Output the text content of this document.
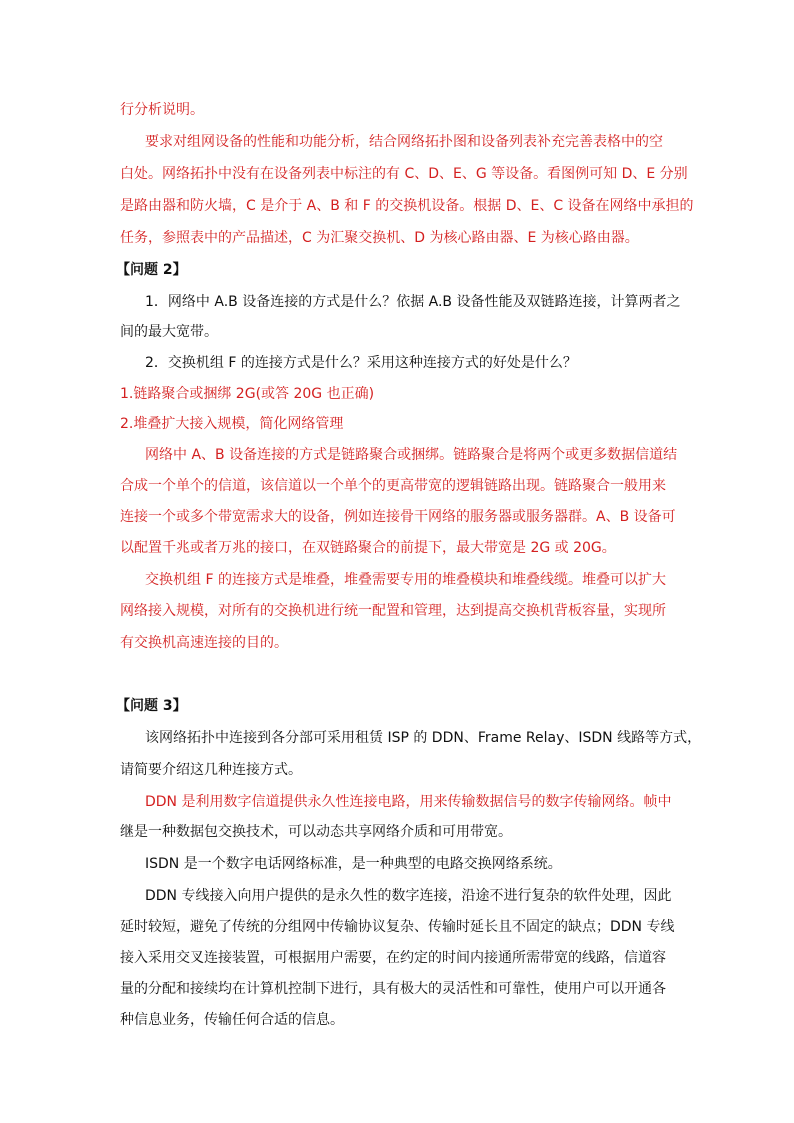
行分析说明。
要求对组网设备的性能和功能分析，结合网络拓扑图和设备列表补充完善表格中的空
白处。网络拓扑中没有在设备列表中标注的有 C、D、E、G 等设备。看图例可知 D、E 分别
是路由器和防火墙，C 是介于 A、B 和 F 的交换机设备。根据 D、E、C 设备在网络中承担的
任务，参照表中的产品描述，C 为汇聚交换机、D 为核心路由器、E 为核心路由器。
【问题 2】
1．网络中 A.B 设备连接的方式是什么？依据 A.B 设备性能及双链路连接，计算两者之
间的最大宽带。
2．交换机组 F 的连接方式是什么？采用这种连接方式的好处是什么？
1.链路聚合或捆绑 2G(或答 20G 也正确)
2.堆叠扩大接入规模，简化网络管理
网络中 A、B 设备连接的方式是链路聚合或捆绑。链路聚合是将两个或更多数据信道结
合成一个单个的信道，该信道以一个单个的更高带宽的逻辑链路出现。链路聚合一般用来
连接一个或多个带宽需求大的设备，例如连接骨干网络的服务器或服务器群。A、B 设备可
以配置千兆或者万兆的接口，在双链路聚合的前提下，最大带宽是 2G 或 20G。
交换机组 F 的连接方式是堆叠，堆叠需要专用的堆叠模块和堆叠线缆。堆叠可以扩大
网络接入规模，对所有的交换机进行统一配置和管理，达到提高交换机背板容量，实现所
有交换机高速连接的目的。
【问题 3】
该网络拓扑中连接到各分部可采用租赁 ISP 的 DDN、Frame Relay、ISDN 线路等方式，
请简要介绍这几种连接方式。
DDN 是利用数字信道提供永久性连接电路，用来传输数据信号的数字传输网络。帧中
继是一种数据包交换技术，可以动态共享网络介质和可用带宽。
ISDN 是一个数字电话网络标准，是一种典型的电路交换网络系统。
DDN 专线接入向用户提供的是永久性的数字连接，沿途不进行复杂的软件处理，因此
延时较短，避免了传统的分组网中传输协议复杂、传输时延长且不固定的缺点；DDN 专线
接入采用交叉连接装置，可根据用户需要，在约定的时间内接通所需带宽的线路，信道容
量的分配和接续均在计算机控制下进行，具有极大的灵活性和可靠性，使用户可以开通各
种信息业务，传输任何合适的信息。
